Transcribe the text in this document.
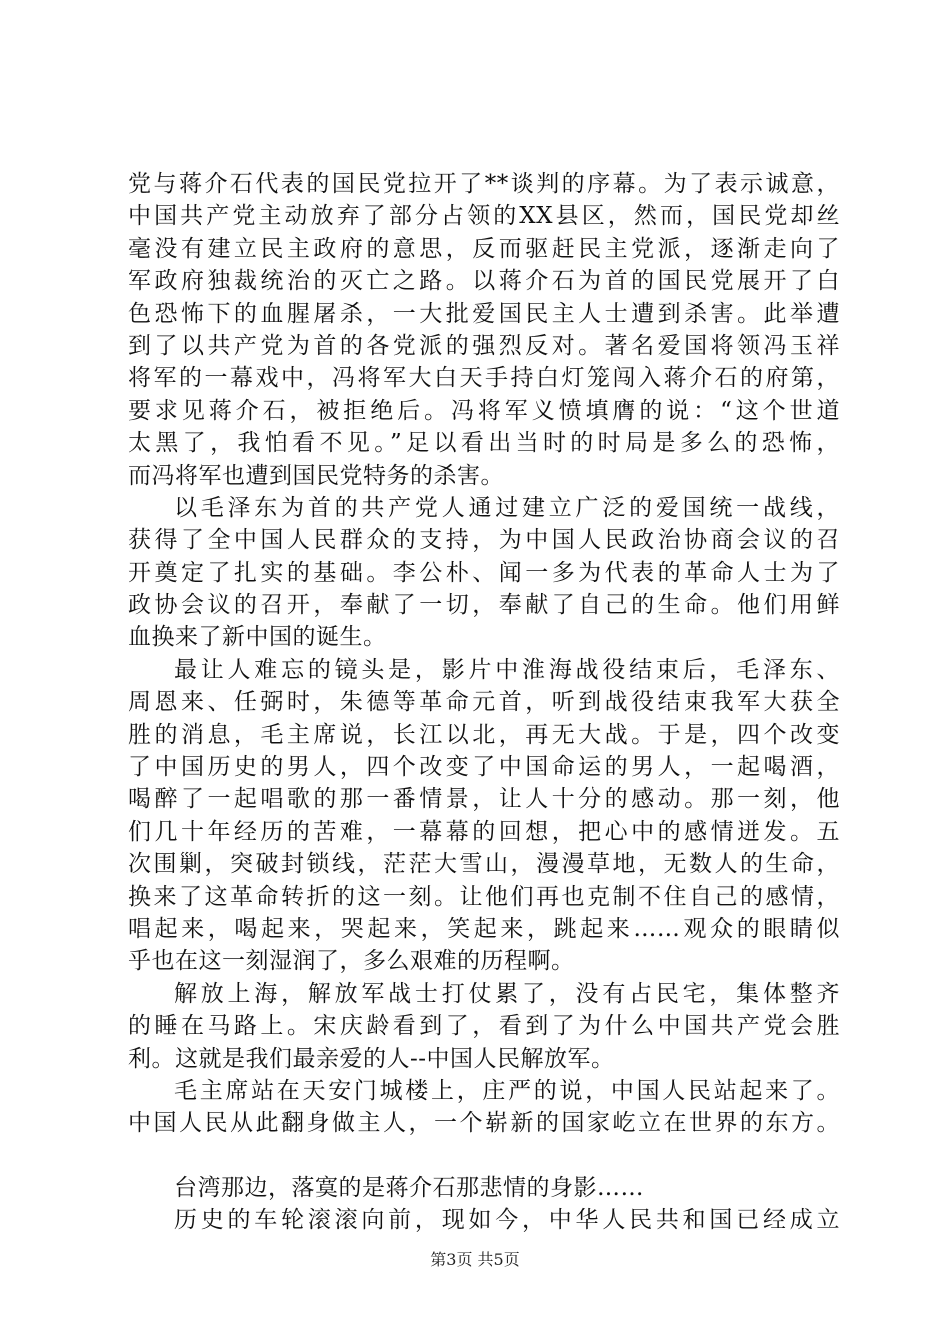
党与蒋介石代表的国民党拉开了**谈判的序幕。为了表示诚意，
中国共产党主动放弃了部分占领的XX县区，然而，国民党却丝
毫没有建立民主政府的意思，反而驱赶民主党派，逐渐走向了
军政府独裁统治的灭亡之路。以蒋介石为首的国民党展开了白
色恐怖下的血腥屠杀，一大批爱国民主人士遭到杀害。此举遭
到了以共产党为首的各党派的强烈反对。著名爱国将领冯玉祥
将军的一幕戏中，冯将军大白天手持白灯笼闯入蒋介石的府第，
要求见蒋介石，被拒绝后。冯将军义愤填膺的说：“这个世道
太黑了，我怕看不见。”足以看出当时的时局是多么的恐怖，
而冯将军也遭到国民党特务的杀害。
以毛泽东为首的共产党人通过建立广泛的爱国统一战线，
获得了全中国人民群众的支持，为中国人民政治协商会议的召
开奠定了扎实的基础。李公朴、闻一多为代表的革命人士为了
政协会议的召开，奉献了一切，奉献了自己的生命。他们用鲜
血换来了新中国的诞生。
最让人难忘的镜头是，影片中淮海战役结束后，毛泽东、
周恩来、任弼时，朱德等革命元首，听到战役结束我军大获全
胜的消息，毛主席说，长江以北，再无大战。于是，四个改变
了中国历史的男人，四个改变了中国命运的男人，一起喝酒，
喝醉了一起唱歌的那一番情景，让人十分的感动。那一刻，他
们几十年经历的苦难，一幕幕的回想，把心中的感情迸发。五
次围剿，突破封锁线，茫茫大雪山，漫漫草地，无数人的生命，
换来了这革命转折的这一刻。让他们再也克制不住自己的感情，
唱起来，喝起来，哭起来，笑起来，跳起来……观众的眼睛似
乎也在这一刻湿润了，多么艰难的历程啊。
解放上海，解放军战士打仗累了，没有占民宅，集体整齐
的睡在马路上。宋庆龄看到了，看到了为什么中国共产党会胜
利。这就是我们最亲爱的人--中国人民解放军。
毛主席站在天安门城楼上，庄严的说，中国人民站起来了。
中国人民从此翻身做主人，一个崭新的国家屹立在世界的东方。
台湾那边，落寞的是蒋介石那悲情的身影……
历史的车轮滚滚向前，现如今，中华人民共和国已经成立
第3页 共5页
